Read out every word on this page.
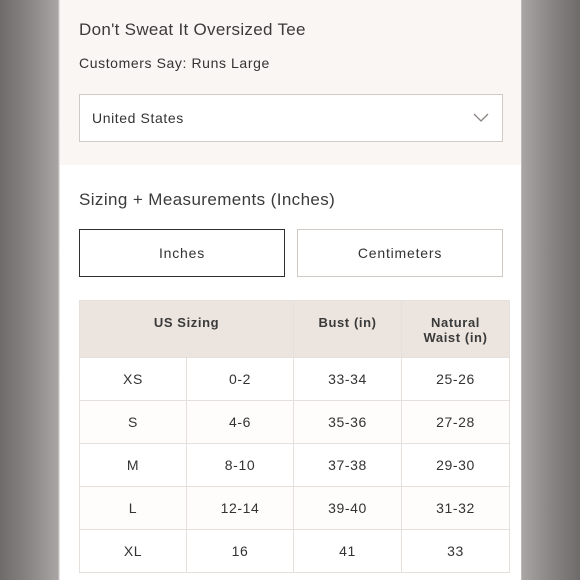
Don't Sweat It Oversized Tee
Customers Say: Runs Large
United States
Sizing + Measurements (Inches)
Inches	Centimeters
US Sizing		Bust (in)	Natural
Waist (in)
XS	0-2	33-34	25-26
S	4-6	35-36	27-28
M	8-10	37-38	29-30
L	12-14	39-40	31-32
XL	16	41	33
